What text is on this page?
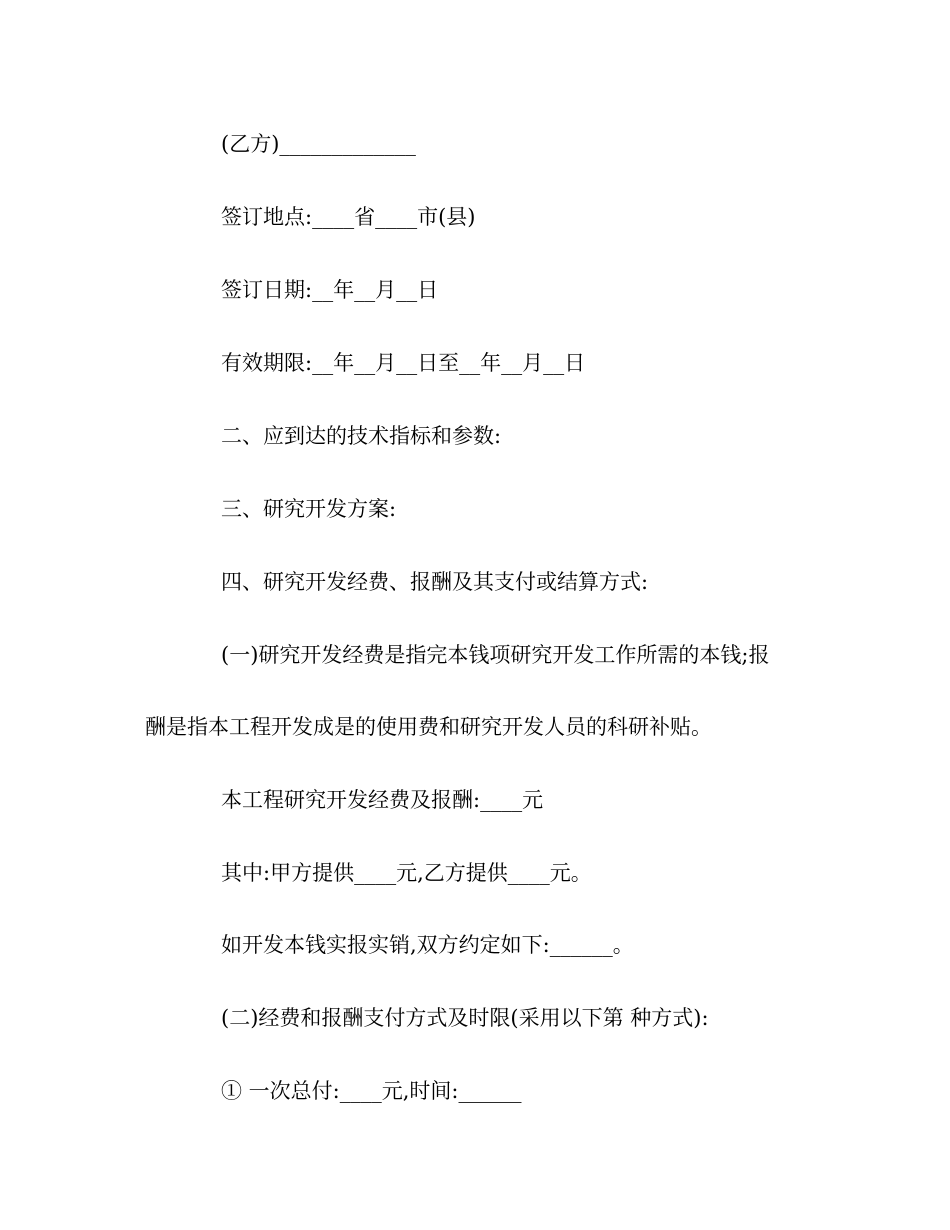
(乙方)_____________
签订地点:____省____市(县)
签订日期:__年__月__日
有效期限:__年__月__日至__年__月__日
二、应到达的技术指标和参数:
三、研究开发方案:
四、研究开发经费、报酬及其支付或结算方式:
(一)研究开发经费是指完本钱项研究开发工作所需的本钱;报
酬是指本工程开发成是的使用费和研究开发人员的科研补贴。
本工程研究开发经费及报酬:____元
其中:甲方提供____元,乙方提供____元。
如开发本钱实报实销,双方约定如下:______。
(二)经费和报酬支付方式及时限(采用以下第 种方式):
① 一次总付:____元,时间:______
